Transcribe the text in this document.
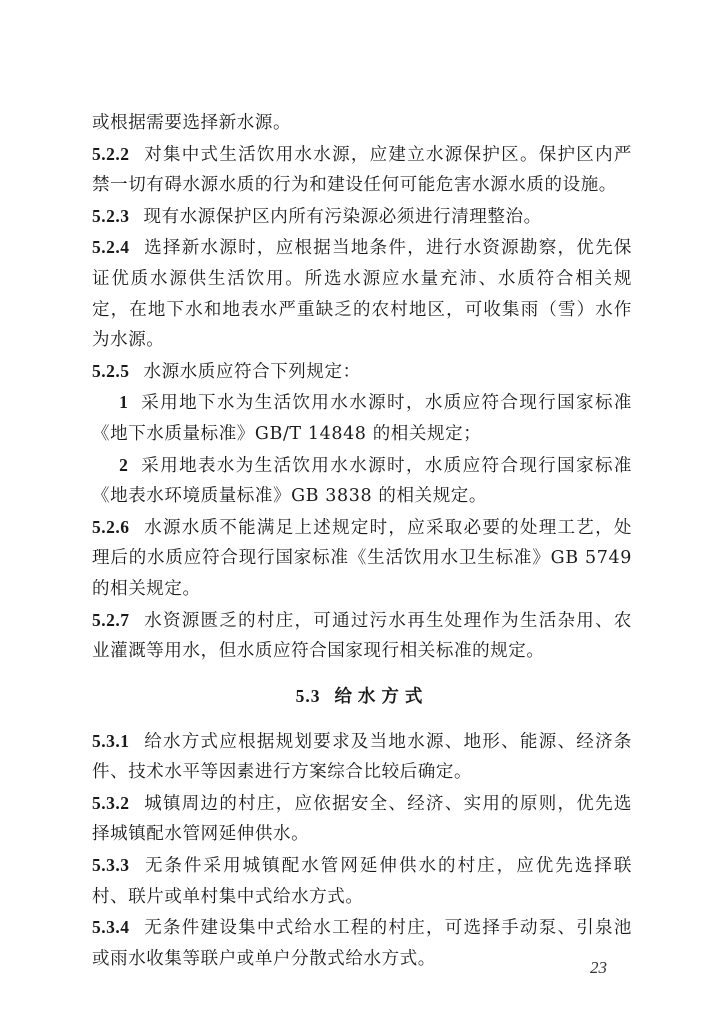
或根据需要选择新水源。

5.2.2 对集中式生活饮用水水源，应建立水源保护区。保护区内严禁一切有碍水源水质的行为和建设任何可能危害水源水质的设施。

5.2.3 现有水源保护区内所有污染源必须进行清理整治。

5.2.4 选择新水源时，应根据当地条件，进行水资源勘察，优先保证优质水源供生活饮用。所选水源应水量充沛、水质符合相关规定，在地下水和地表水严重缺乏的农村地区，可收集雨（雪）水作为水源。

5.2.5 水源水质应符合下列规定：

1 采用地下水为生活饮用水水源时，水质应符合现行国家标准《地下水质量标准》GB/T 14848 的相关规定；

2 采用地表水为生活饮用水水源时，水质应符合现行国家标准《地表水环境质量标准》GB 3838 的相关规定。

5.2.6 水源水质不能满足上述规定时，应采取必要的处理工艺，处理后的水质应符合现行国家标准《生活饮用水卫生标准》GB 5749 的相关规定。

5.2.7 水资源匮乏的村庄，可通过污水再生处理作为生活杂用、农业灌溉等用水，但水质应符合国家现行相关标准的规定。

5.3 给水方式

5.3.1 给水方式应根据规划要求及当地水源、地形、能源、经济条件、技术水平等因素进行方案综合比较后确定。

5.3.2 城镇周边的村庄，应依据安全、经济、实用的原则，优先选择城镇配水管网延伸供水。

5.3.3 无条件采用城镇配水管网延伸供水的村庄，应优先选择联村、联片或单村集中式给水方式。

5.3.4 无条件建设集中式给水工程的村庄，可选择手动泵、引泉池或雨水收集等联户或单户分散式给水方式。	23
